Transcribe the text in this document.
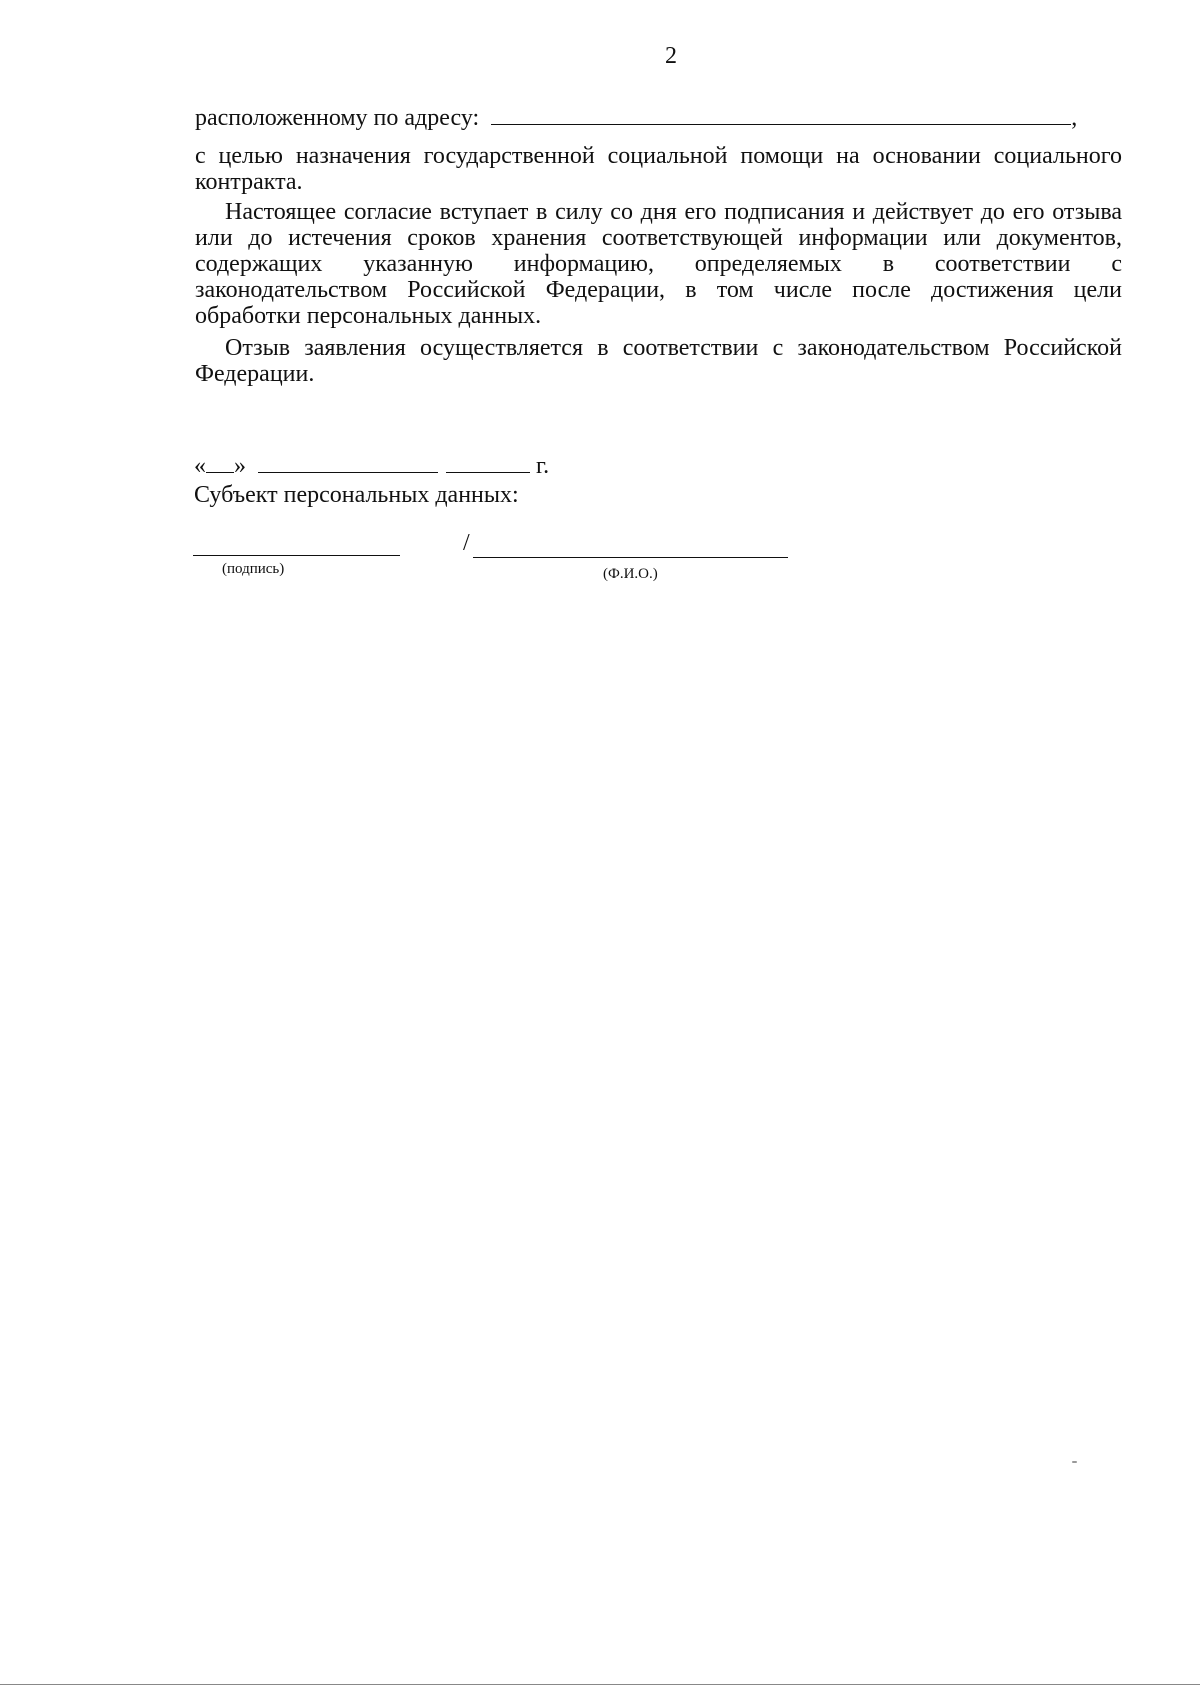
2
расположенному по адресу:	,
с целью назначения государственной социальной помощи на основании социального
контракта.
Настоящее согласие вступает в силу со дня его подписания и действует до его отзыва
или до истечения сроков хранения соответствующей информации или документов,
содержащих указанную информацию, определяемых в соответствии с
законодательством Российской Федерации, в том числе после достижения цели
обработки персональных данных.
Отзыв заявления осуществляется в соответствии с законодательством Российской
Федерации.
« »	г.
Субъект персональных данных:
(подпись)
/
(Ф.И.О.)
